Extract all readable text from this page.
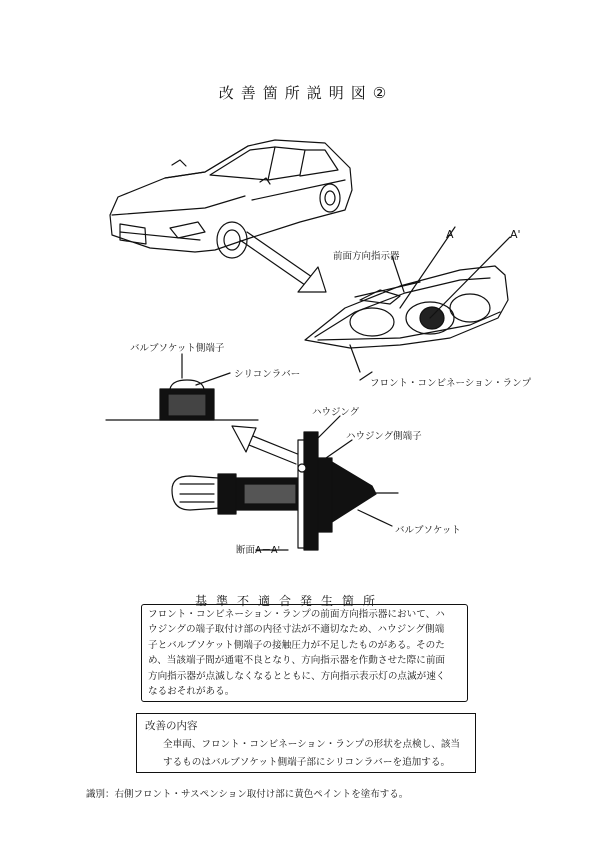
改善箇所説明図②
前面方向指示器
A	A'
バルブソケット側端子
シリコンラバー
フロント・コンビネーション・ランプ
ハウジング
ハウジング側端子
バルブソケット
断面A－A'
基準不適合発生箇所
フロント・コンビネーション・ランプの前面方向指示器において、ハ
ウジングの端子取付け部の内径寸法が不適切なため、ハウジング側端
子とバルブソケット側端子の接触圧力が不足したものがある。そのた
め、当該端子間が通電不良となり、方向指示器を作動させた際に前面
方向指示器が点滅しなくなるとともに、方向指示表示灯の点滅が速く
なるおそれがある。
改善の内容
全車両、フロント・コンビネーション・ランプの形状を点検し、該当
するものはバルブソケット側端子部にシリコンラバーを追加する。
識別：右側フロント・サスペンション取付け部に黄色ペイントを塗布する。
